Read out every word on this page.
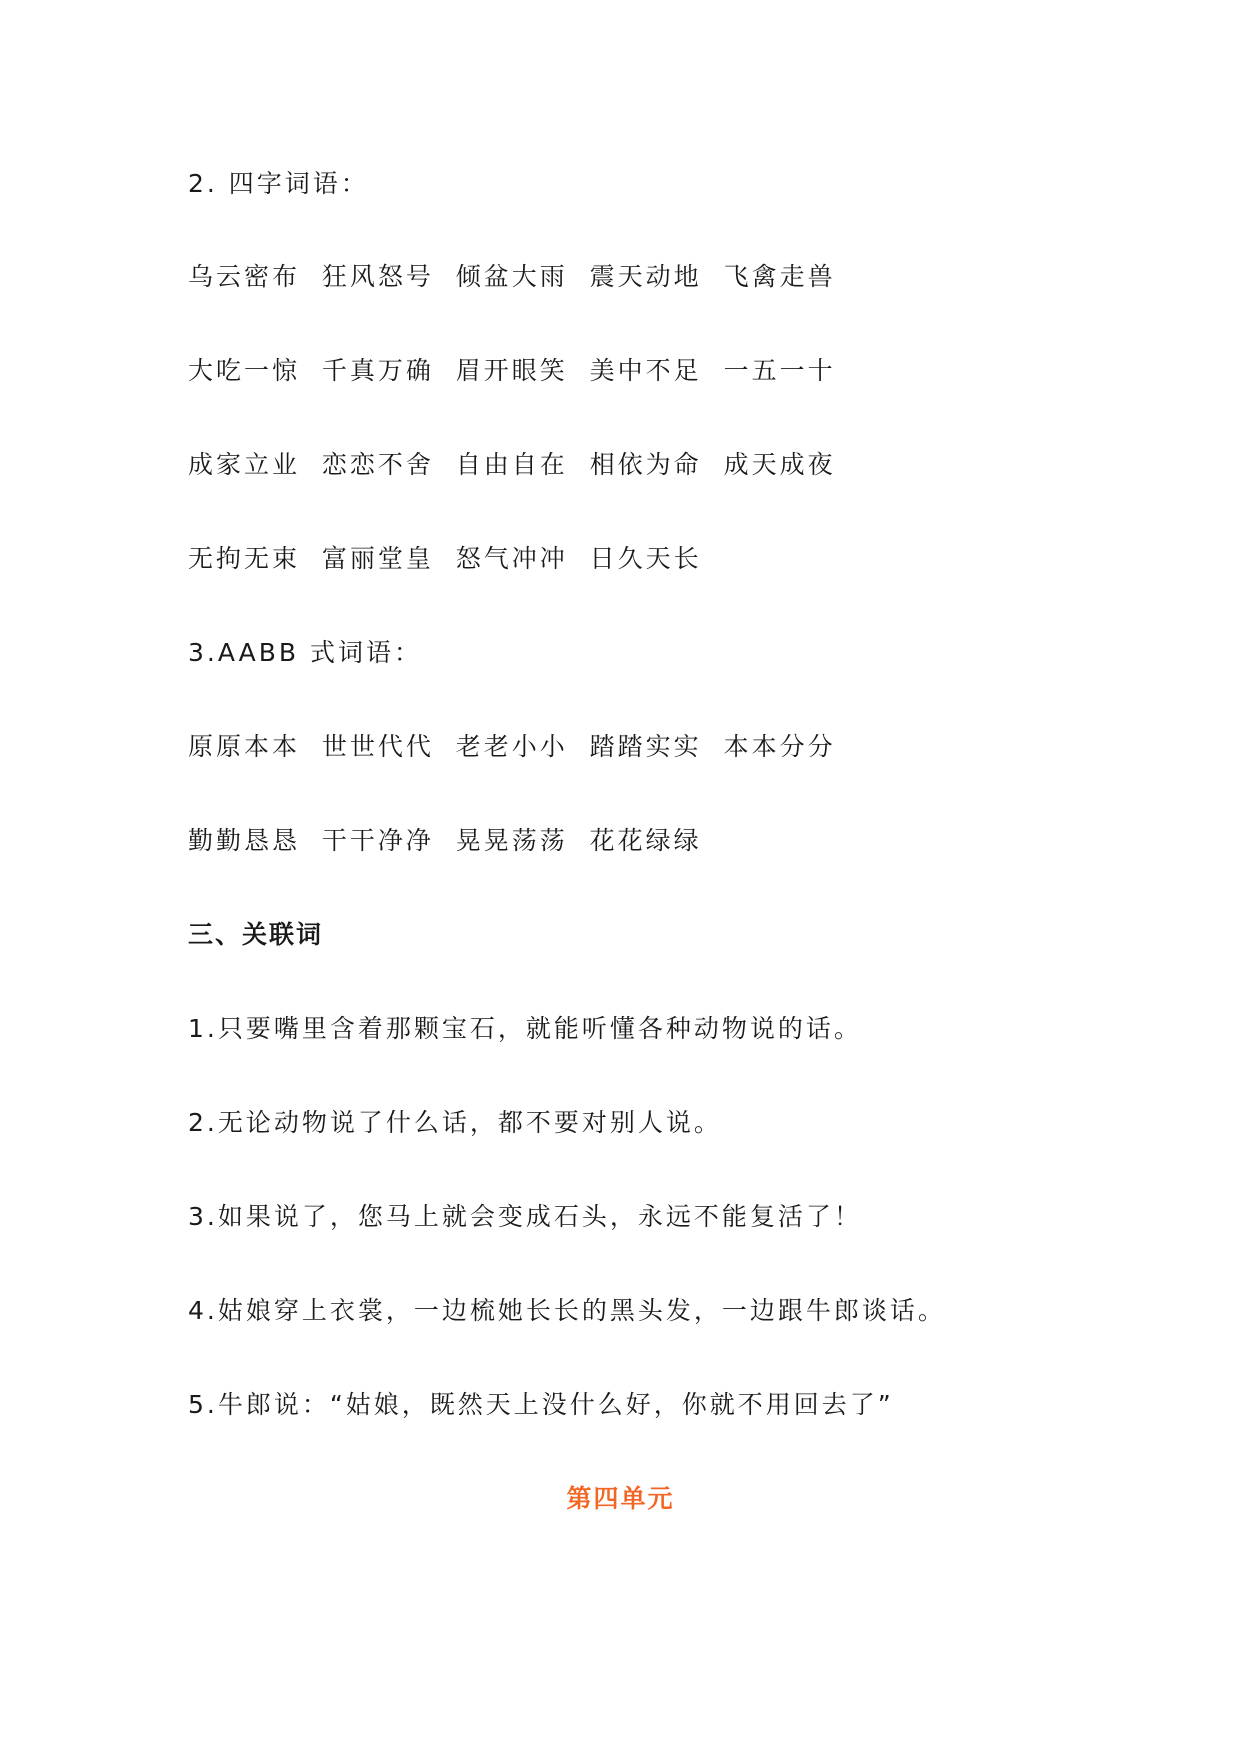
2. 四字词语：
乌云密布  狂风怒号  倾盆大雨  震天动地  飞禽走兽
大吃一惊  千真万确  眉开眼笑  美中不足  一五一十
成家立业  恋恋不舍  自由自在  相依为命  成天成夜
无拘无束  富丽堂皇  怒气冲冲  日久天长
3.AABB 式词语：
原原本本  世世代代  老老小小  踏踏实实  本本分分
勤勤恳恳  干干净净  晃晃荡荡  花花绿绿
三、关联词
1.只要嘴里含着那颗宝石，就能听懂各种动物说的话。
2.无论动物说了什么话，都不要对别人说。
3.如果说了，您马上就会变成石头，永远不能复活了！
4.姑娘穿上衣裳，一边梳她长长的黑头发，一边跟牛郎谈话。
5.牛郎说：“姑娘，既然天上没什么好，你就不用回去了”
第四单元
